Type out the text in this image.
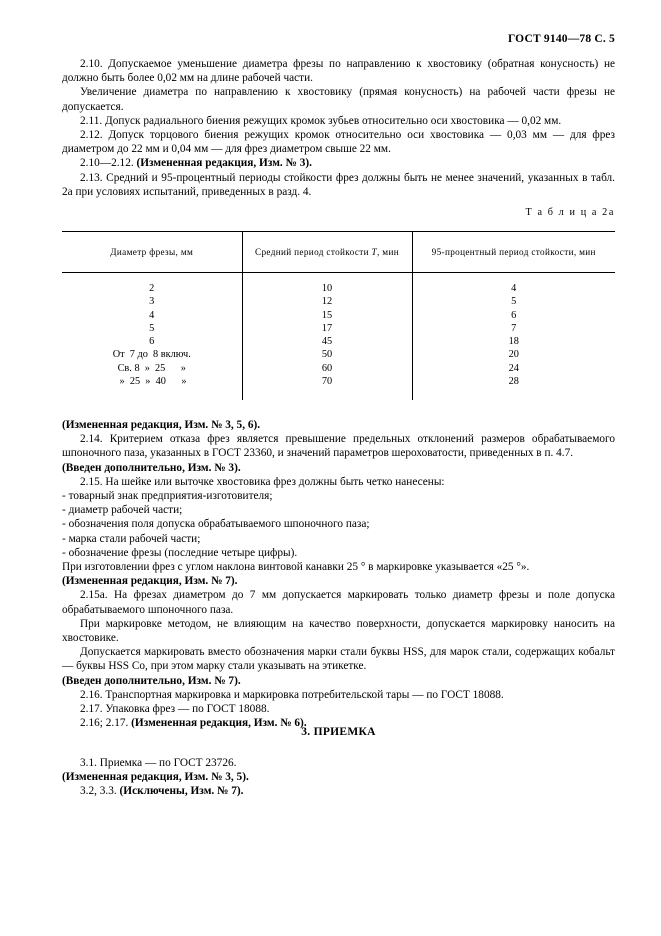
ГОСТ 9140—78 С. 5

2.10. Допускаемое уменьшение диаметра фрезы по направлению к хвостовику (обратная конусность) не должно быть более 0,02 мм на длине рабочей части.

Увеличение диаметра по направлению к хвостовику (прямая конусность) на рабочей части фрезы не допускается.

2.11. Допуск радиального биения режущих кромок зубьев относительно оси хвостовика — 0,02 мм.

2.12. Допуск торцового биения режущих кромок относительно оси хвостовика — 0,03 мм — для фрез диаметром до 22 мм и 0,04 мм — для фрез диаметром свыше 22 мм.

2.10—2.12. (Измененная редакция, Изм. № 3).

2.13. Средний и 95-процентный периоды стойкости фрез должны быть не менее значений, указанных в табл. 2а при условиях испытаний, приведенных в разд. 4.

Т а б л и ц а 2а
Диаметр фрезы, мм	Средний период стойкости T, мин	95-процентный период стойкости, мин

2	10	4
3	12	5
4	15	6
5	17	7
6	45	18
От  7 до  8 включ.	50	20
Св. 8  »  25      »	60	24
»  25  »  40      »	70	28

(Измененная редакция, Изм. № 3, 5, 6).

2.14. Критерием отказа фрез является превышение предельных отклонений размеров обрабатываемого шпоночного паза, указанных в ГОСТ 23360, и значений параметров шероховатости, приведенных в п. 4.7.

(Введен дополнительно, Изм. № 3).

2.15. На шейке или выточке хвостовика фрез должны быть четко нанесены:

- товарный знак предприятия-изготовителя;

- диаметр рабочей части;

- обозначения поля допуска обрабатываемого шпоночного паза;

- марка стали рабочей части;

- обозначение фрезы (последние четыре цифры).

При изготовлении фрез с углом наклона винтовой канавки 25 ° в маркировке указывается «25 °».

(Измененная редакция, Изм. № 7).

2.15а. На фрезах диаметром до 7 мм допускается маркировать только диаметр фрезы и поле допуска обрабатываемого шпоночного паза.

При маркировке методом, не влияющим на качество поверхности, допускается маркировку наносить на хвостовике.

Допускается маркировать вместо обозначения марки стали буквы HSS, для марок стали, содержащих кобальт — буквы HSS Co, при этом марку стали указывать на этикетке.

(Введен дополнительно, Изм. № 7).

2.16. Транспортная маркировка и маркировка потребительской тары — по ГОСТ 18088.

2.17. Упаковка фрез — по ГОСТ 18088.

2.16; 2.17. (Измененная редакция, Изм. № 6).

3. ПРИЕМКА

3.1. Приемка — по ГОСТ 23726.

(Измененная редакция, Изм. № 3, 5).

3.2, 3.3. (Исключены, Изм. № 7).
